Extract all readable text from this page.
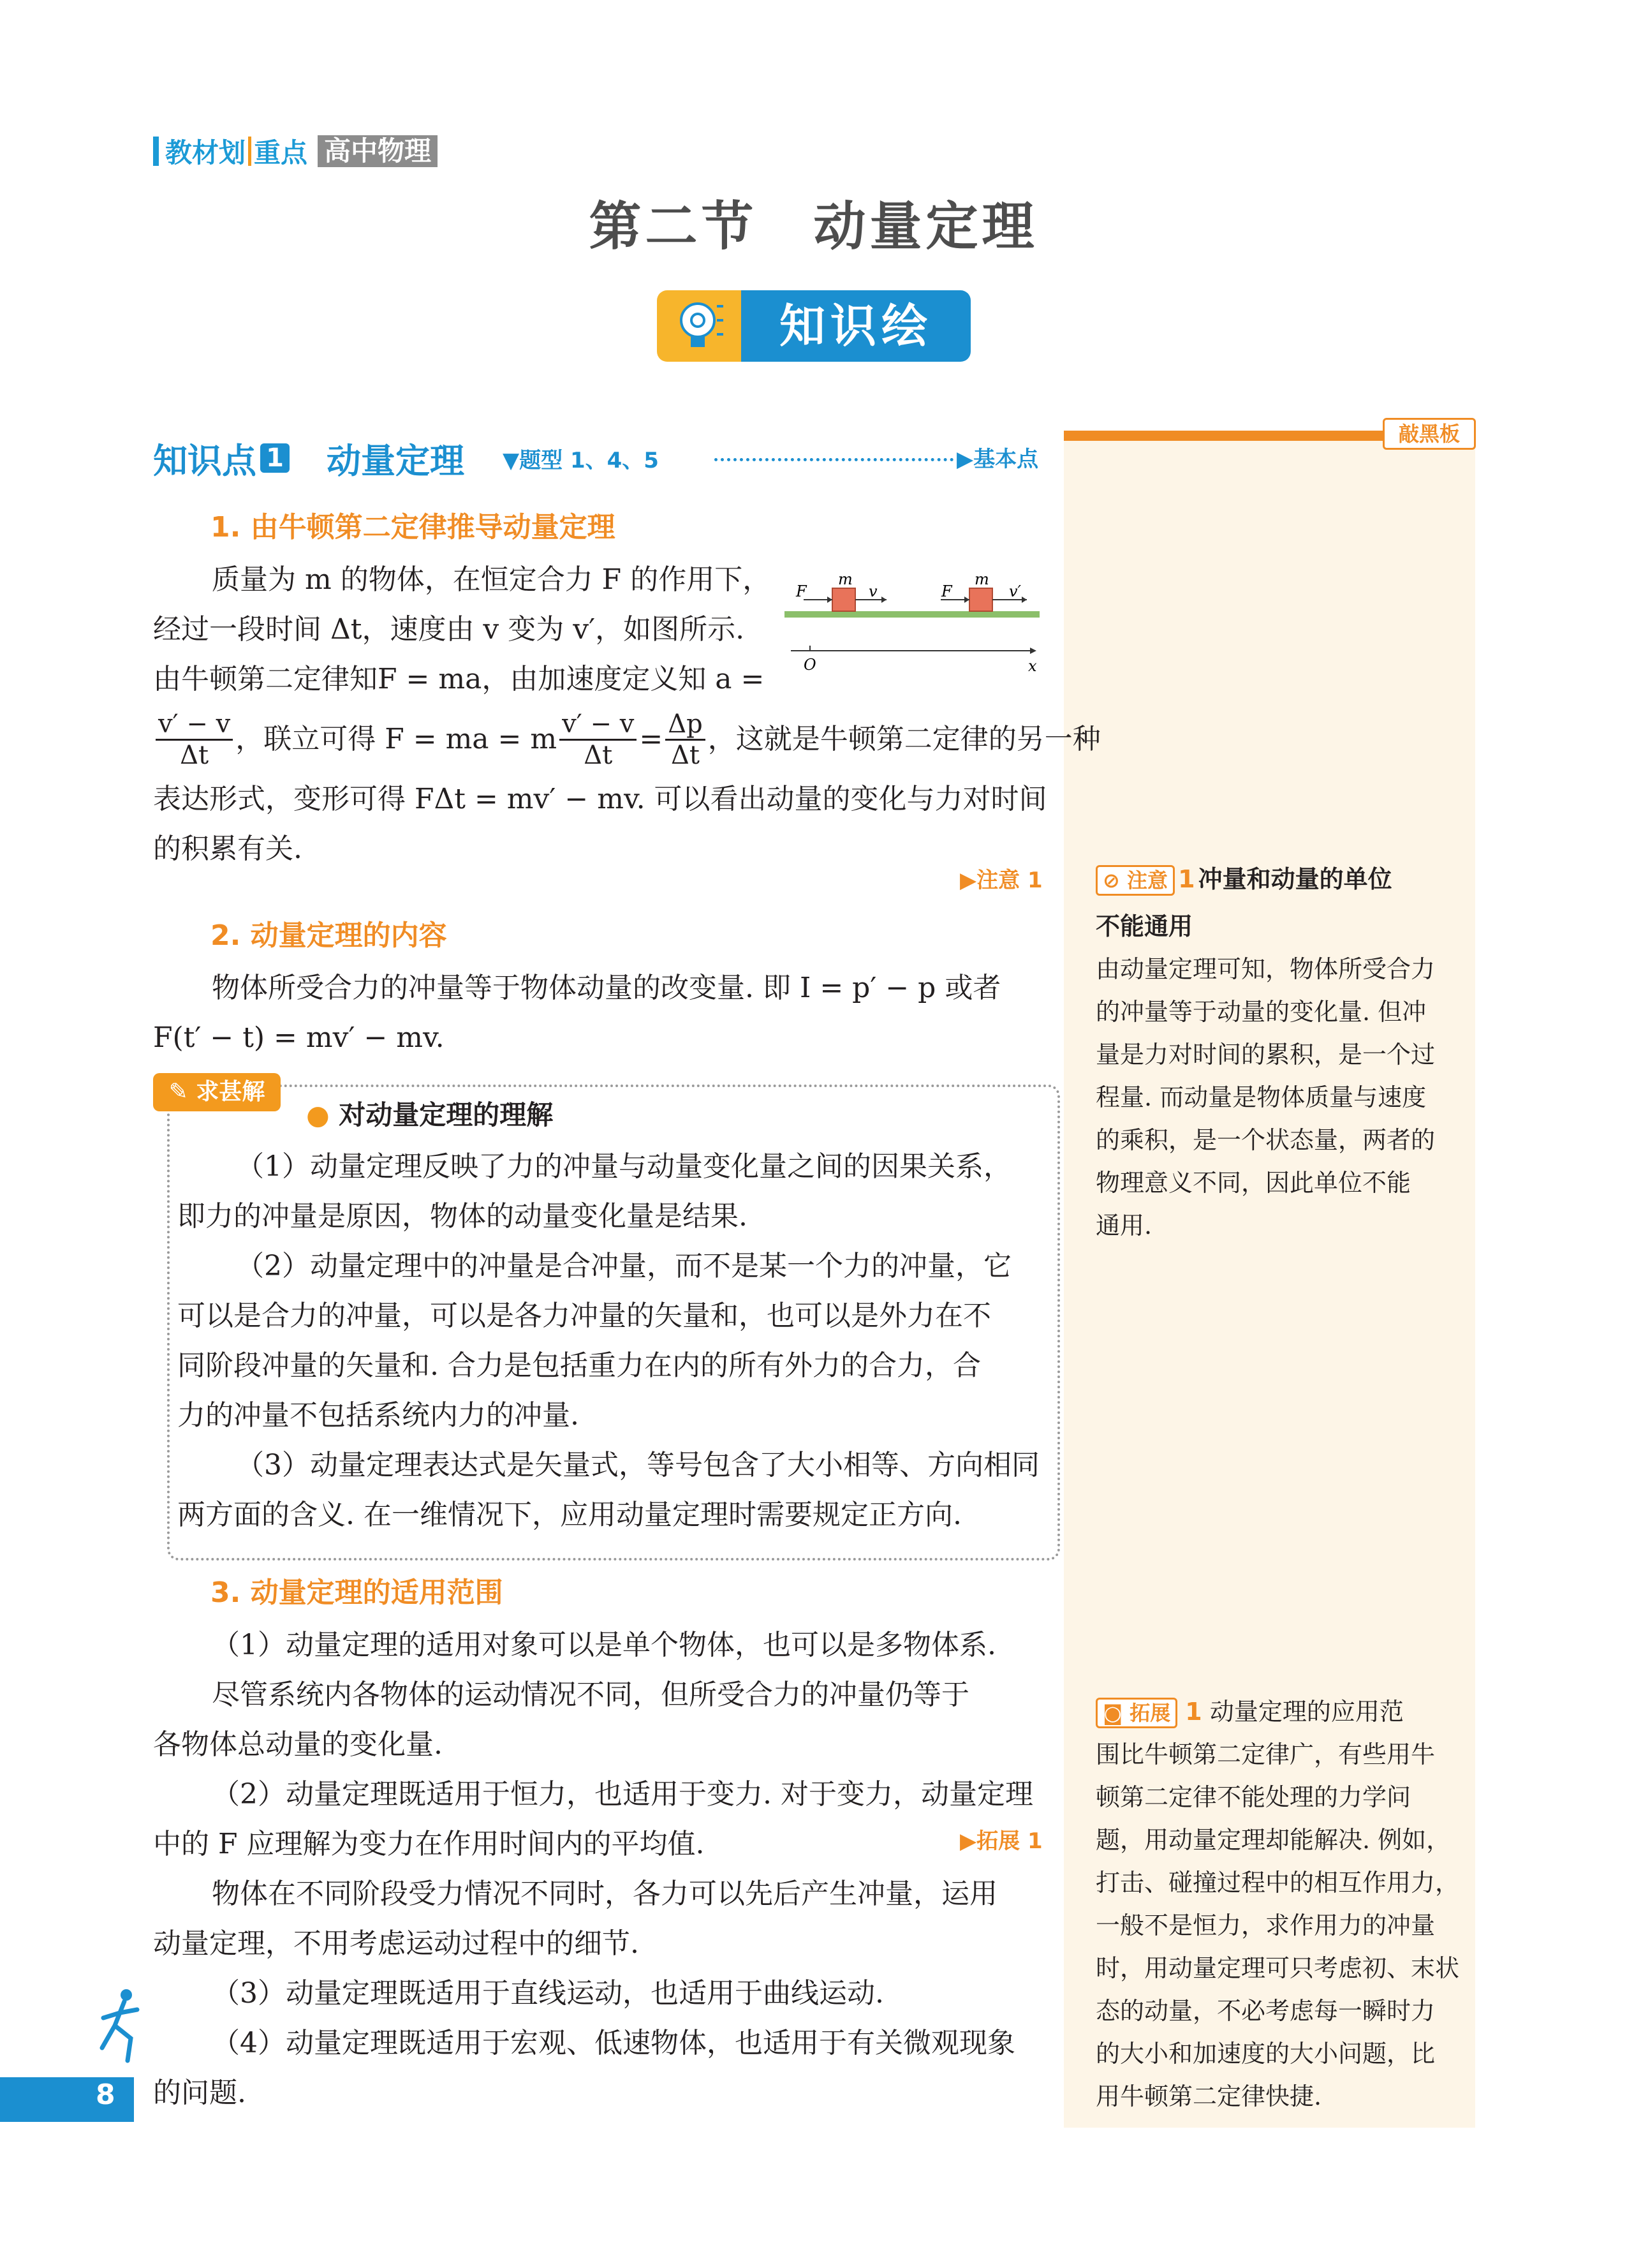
教材划 重点 高中物理
第二节　动量定理
知识绘
知识点 1 动量定理 ▼题型 1、4、5	▶基本点
⊘ 注意 1 冲量和动量的单位
不能通用
由动量定理可知，物体所受合力
的冲量等于动量的变化量. 但冲
量是力对时间的累积，是一个过
程量. 而动量是物体质量与速度
的乘积，是一个状态量，两者的
物理意义不同，因此单位不能
通用.
◙ 拓展 1 动量定理的应用范
围比牛顿第二定律广，有些用牛
顿第二定律不能处理的力学问
题，用动量定理却能解决. 例如，
打击、碰撞过程中的相互作用力，
一般不是恒力，求作用力的冲量
时，用动量定理可只考虑初、末状
态的动量，不必考虑每一瞬时力
的大小和加速度的大小问题，比
用牛顿第二定律快捷.
敲黑板
1. 由牛顿第二定律推导动量定理
质量为 m 的物体，在恒定合力 F 的作用下，
经过一段时间 Δt，速度由 v 变为 v′，如图所示.
由牛顿第二定律知F = ma，由加速度定义知 a =
$\frac{v' - v}{\Delta t}$ ，联立可得 F = ma = m $\frac{v' - v}{\Delta t} = \frac{\Delta p}{\Delta t}$ ，这就是牛顿第二定律的另一种
表达形式，变形可得 FΔt = mv′ − mv. 可以看出动量的变化与力对时间
的积累有关.
▶注意 1
F
m
v	F
m
v′
O	x
2. 动量定理的内容
物体所受合力的冲量等于物体动量的改变量. 即 I = p′ − p 或者
F(t′ − t) = mv′ − mv.
✎ 求甚解
● 对动量定理的理解
（1）动量定理反映了力的冲量与动量变化量之间的因果关系，
即力的冲量是原因，物体的动量变化量是结果.
（2）动量定理中的冲量是合冲量，而不是某一个力的冲量，它
可以是合力的冲量，可以是各力冲量的矢量和，也可以是外力在不
同阶段冲量的矢量和. 合力是包括重力在内的所有外力的合力，合
力的冲量不包括系统内力的冲量.
（3）动量定理表达式是矢量式，等号包含了大小相等、方向相同
两方面的含义. 在一维情况下，应用动量定理时需要规定正方向.
3. 动量定理的适用范围
（1）动量定理的适用对象可以是单个物体，也可以是多物体系.
尽管系统内各物体的运动情况不同，但所受合力的冲量仍等于
各物体总动量的变化量.
（2）动量定理既适用于恒力，也适用于变力. 对于变力，动量定理
中的 F 应理解为变力在作用时间内的平均值.
物体在不同阶段受力情况不同时，各力可以先后产生冲量，运用
动量定理，不用考虑运动过程中的细节.
（3）动量定理既适用于直线运动，也适用于曲线运动.
（4）动量定理既适用于宏观、低速物体，也适用于有关微观现象
的问题.
▶拓展 1
8
